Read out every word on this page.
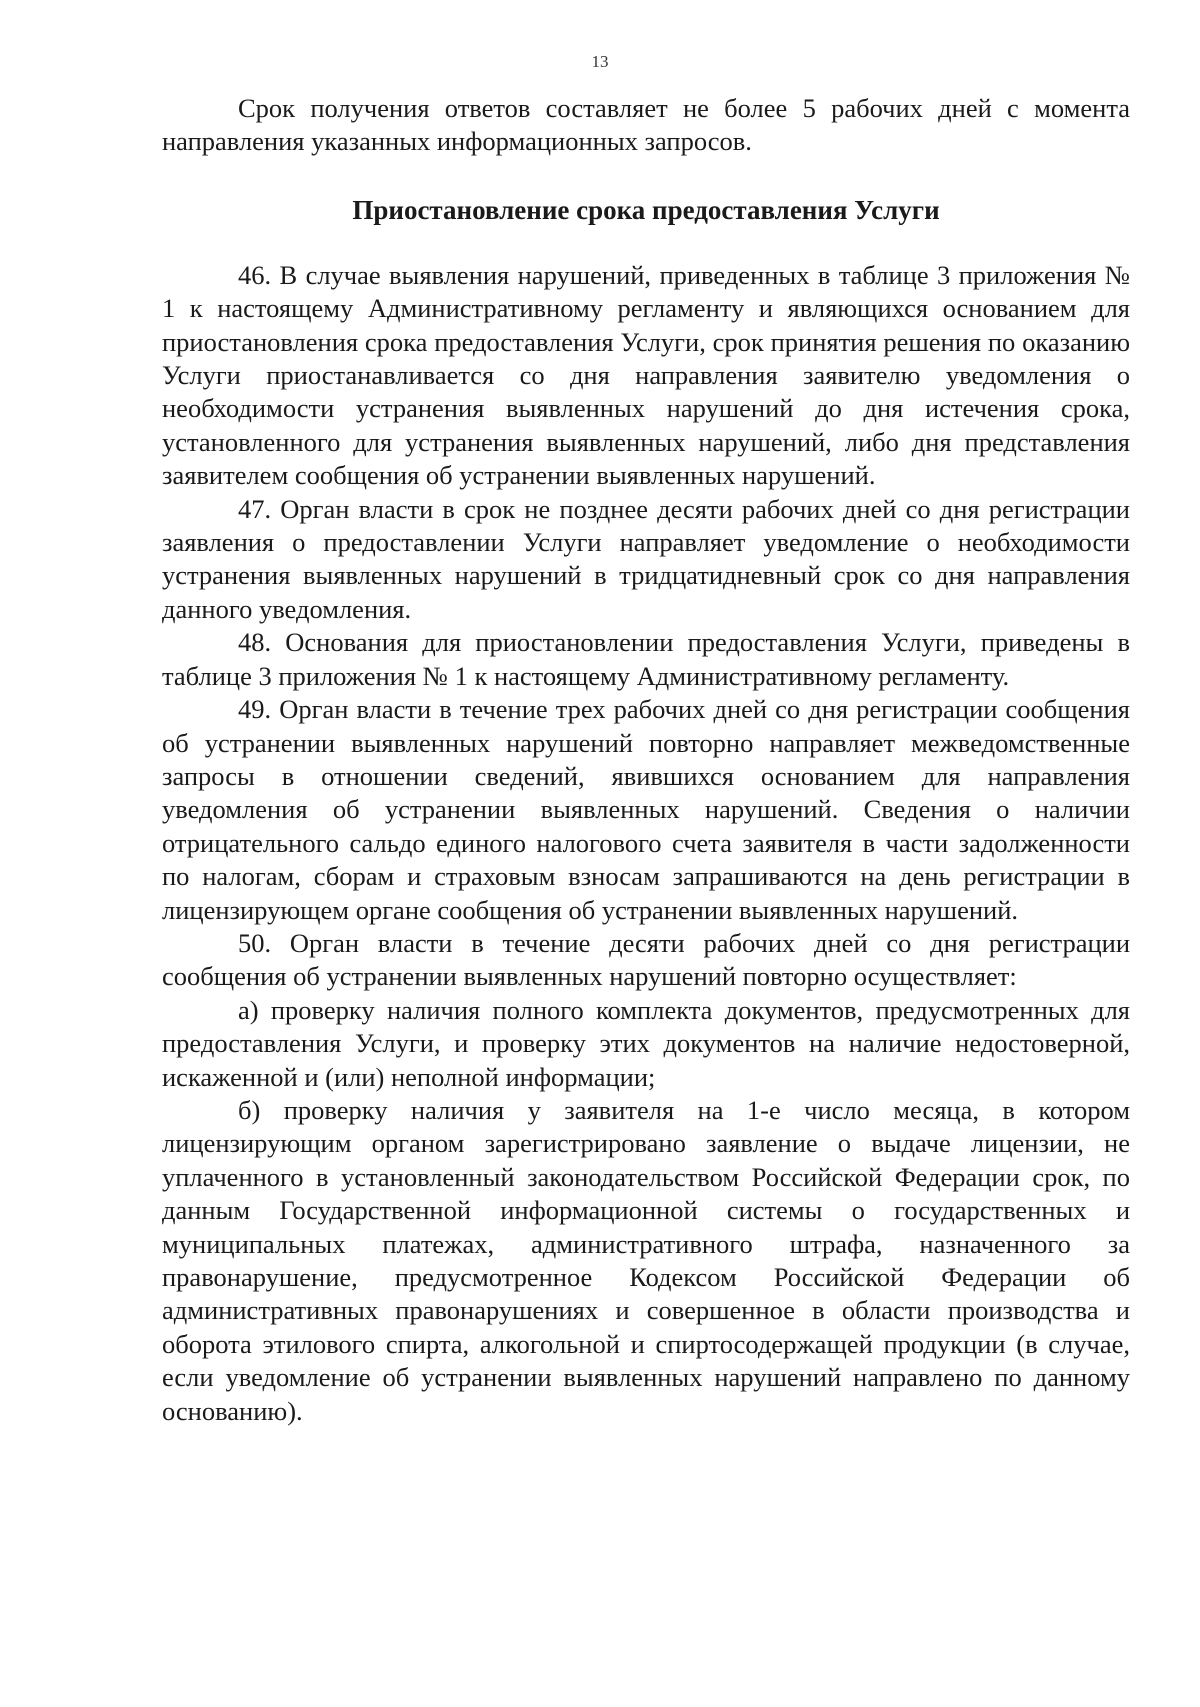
13

Срок получения ответов составляет не более 5 рабочих дней с момента направления указанных информационных запросов.

Приостановление срока предоставления Услуги

46. В случае выявления нарушений, приведенных в таблице 3 приложения № 1 к настоящему Административному регламенту и являющихся основанием для приостановления срока предоставления Услуги, срок принятия решения по оказанию Услуги приостанавливается со дня направления заявителю уведомления о необходимости устранения выявленных нарушений до дня истечения срока, установленного для устранения выявленных нарушений, либо дня представления заявителем сообщения об устранении выявленных нарушений.

47. Орган власти в срок не позднее десяти рабочих дней со дня регистрации заявления о предоставлении Услуги направляет уведомление о необходимости устранения выявленных нарушений в тридцатидневный срок со дня направления данного уведомления.

48. Основания для приостановлении предоставления Услуги, приведены в таблице 3 приложения № 1 к настоящему Административному регламенту.

49. Орган власти в течение трех рабочих дней со дня регистрации сообщения об устранении выявленных нарушений повторно направляет межведомственные запросы в отношении сведений, явившихся основанием для направления уведомления об устранении выявленных нарушений. Сведения о наличии отрицательного сальдо единого налогового счета заявителя в части задолженности по налогам, сборам и страховым взносам запрашиваются на день регистрации в лицензирующем органе сообщения об устранении выявленных нарушений.

50. Орган власти в течение десяти рабочих дней со дня регистрации сообщения об устранении выявленных нарушений повторно осуществляет:

а) проверку наличия полного комплекта документов, предусмотренных для предоставления Услуги, и проверку этих документов на наличие недостоверной, искаженной и (или) неполной информации;

б) проверку наличия у заявителя на 1-е число месяца, в котором лицензирующим органом зарегистрировано заявление о выдаче лицензии, не уплаченного в установленный законодательством Российской Федерации срок, по данным Государственной информационной системы о государственных и муниципальных платежах, административного штрафа, назначенного за правонарушение, предусмотренное Кодексом Российской Федерации об административных правонарушениях и совершенное в области производства и оборота этилового спирта, алкогольной и спиртосодержащей продукции (в случае, если уведомление об устранении выявленных нарушений направлено по данному основанию).
